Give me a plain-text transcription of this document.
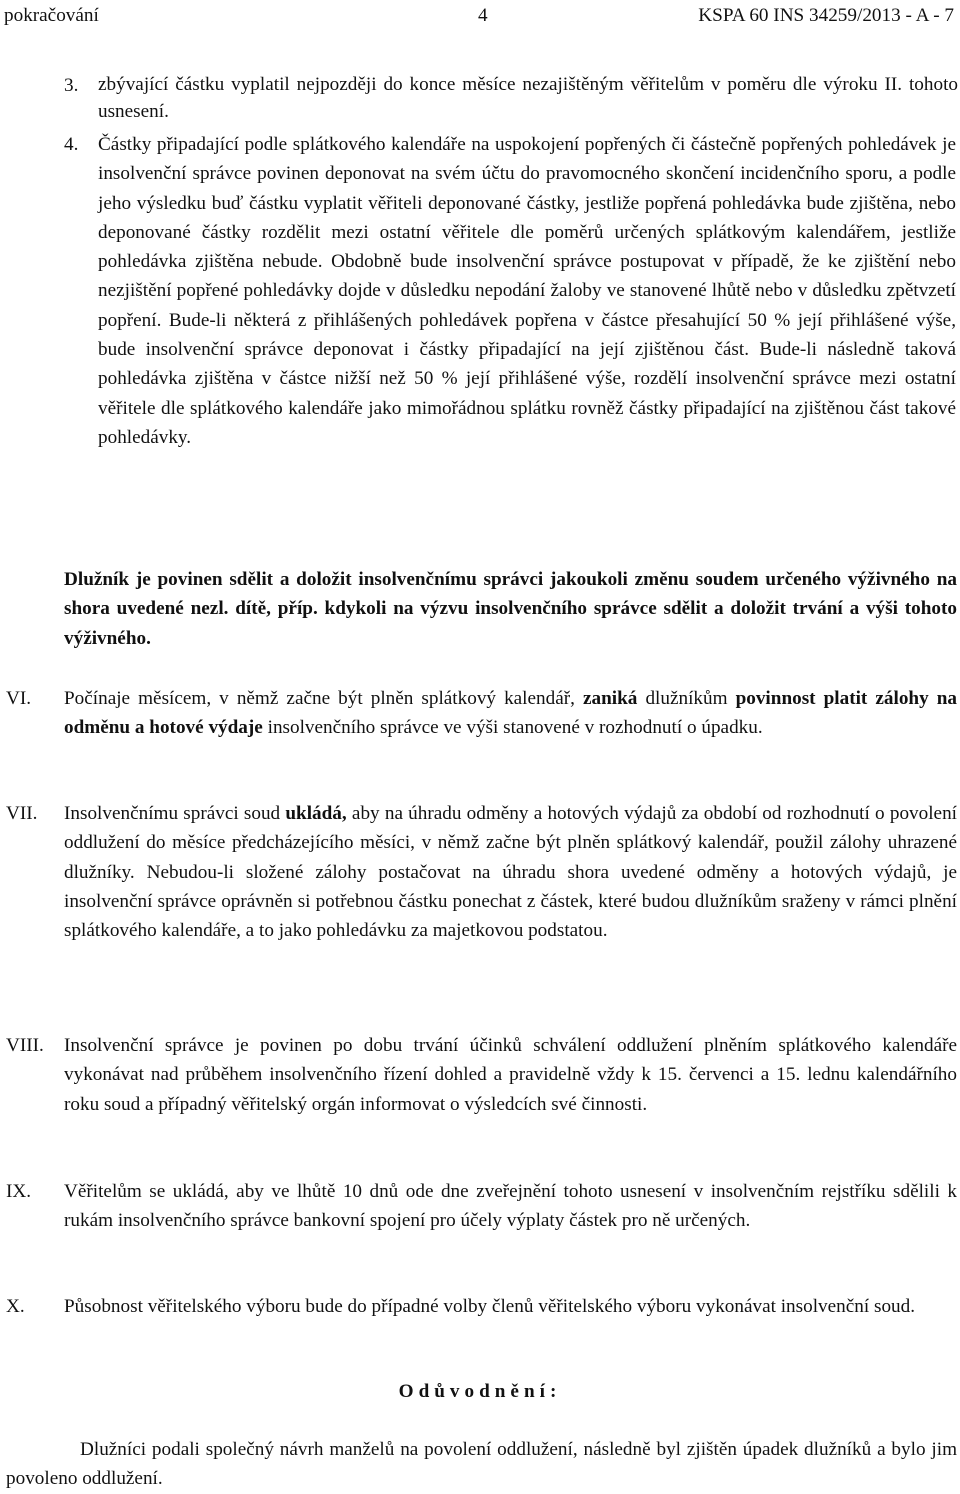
pokračování	4	KSPA 60 INS 34259/2013 - A - 7
3. zbývající částku vyplatil nejpozději do konce měsíce nezajištěným věřitelům v poměru dle výroku II. tohoto usnesení.

4. Částky připadající podle splátkového kalendáře na uspokojení popřených či částečně popřených pohledávek je insolvenční správce povinen deponovat na svém účtu do pravomocného skončení incidenčního sporu, a podle jeho výsledku buď částku vyplatit věřiteli deponované částky, jestliže popřená pohledávka bude zjištěna, nebo deponované částky rozdělit mezi ostatní věřitele dle poměrů určených splátkovým kalendářem, jestliže pohledávka zjištěna nebude. Obdobně bude insolvenční správce postupovat v případě, že ke zjištění nebo nezjištění popřené pohledávky dojde v důsledku nepodání žaloby ve stanovené lhůtě nebo v důsledku zpětvzetí popření. Bude-li některá z přihlášených pohledávek popřena v částce přesahující 50 % její přihlášené výše, bude insolvenční správce deponovat i částky připadající na její zjištěnou část. Bude-li následně taková pohledávka zjištěna v částce nižší než 50 % její přihlášené výše, rozdělí insolvenční správce mezi ostatní věřitele dle splátkového kalendáře jako mimořádnou splátku rovněž částky připadající na zjištěnou část takové pohledávky.

Dlužník je povinen sdělit a doložit insolvenčnímu správci jakoukoli změnu soudem určeného výživného na shora uvedené nezl. dítě, příp. kdykoli na výzvu insolvenčního správce sdělit a doložit trvání a výši tohoto výživného.

VI. Počínaje měsícem, v němž začne být plněn splátkový kalendář, zaniká dlužníkům povinnost platit zálohy na odměnu a hotové výdaje insolvenčního správce ve výši stanovené v rozhodnutí o úpadku.

VII. Insolvenčnímu správci soud ukládá, aby na úhradu odměny a hotových výdajů za období od rozhodnutí o povolení oddlužení do měsíce předcházejícího měsíci, v němž začne být plněn splátkový kalendář, použil zálohy uhrazené dlužníky. Nebudou-li složené zálohy postačovat na úhradu shora uvedené odměny a hotových výdajů, je insolvenční správce oprávněn si potřebnou částku ponechat z částek, které budou dlužníkům sraženy v rámci plnění splátkového kalendáře, a to jako pohledávku za majetkovou podstatou.

VIII. Insolvenční správce je povinen po dobu trvání účinků schválení oddlužení plněním splátkového kalendáře vykonávat nad průběhem insolvenčního řízení dohled a pravidelně vždy k 15. červenci a 15. lednu kalendářního roku soud a případný věřitelský orgán informovat o výsledcích své činnosti.

IX. Věřitelům se ukládá, aby ve lhůtě 10 dnů ode dne zveřejnění tohoto usnesení v insolvenčním rejstříku sdělili k rukám insolvenčního správce bankovní spojení pro účely výplaty částek pro ně určených.

X. Působnost věřitelského výboru bude do případné volby členů věřitelského výboru vykonávat insolvenční soud.

Odůvodnění:

Dlužníci podali společný návrh manželů na povolení oddlužení, následně byl zjištěn úpadek dlužníků a bylo jim povoleno oddlužení.
